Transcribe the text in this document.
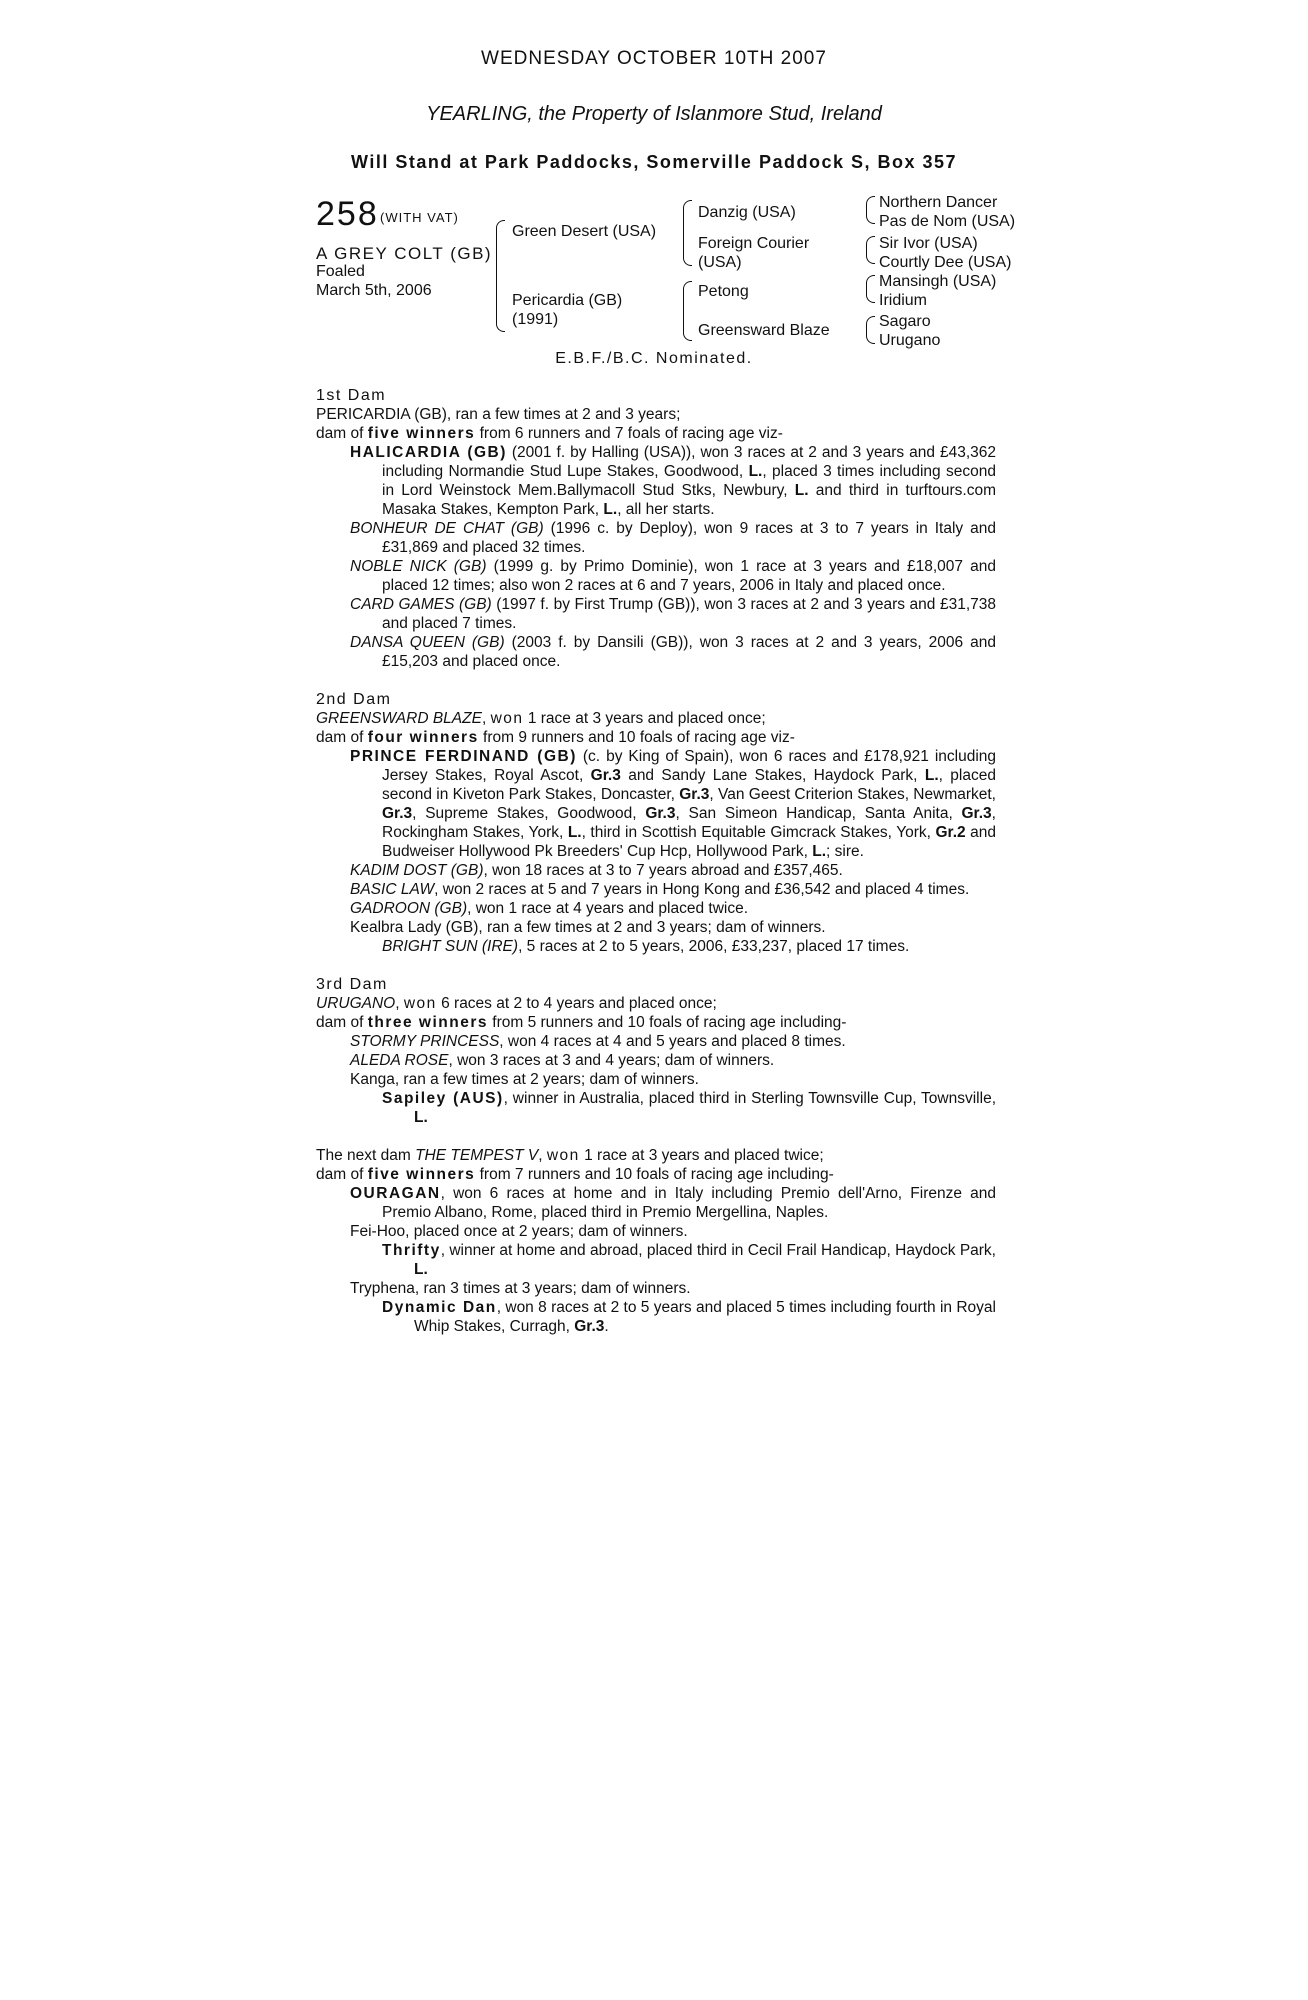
WEDNESDAY OCTOBER 10TH 2007
YEARLING, the Property of Islanmore Stud, Ireland
Will Stand at Park Paddocks, Somerville Paddock S, Box 357
258 (WITH VAT)
A GREY COLT (GB)
Foaled
March 5th, 2006
Green Desert (USA)
Pericardia (GB)
(1991)
Danzig (USA)
Foreign Courier
(USA)
Petong
Greensward Blaze
Northern Dancer
Pas de Nom (USA)
Sir Ivor (USA)
Courtly Dee (USA)
Mansingh (USA)
Iridium
Sagaro
Urugano
E.B.F./B.C. Nominated.
1st Dam
PERICARDIA (GB), ran a few times at 2 and 3 years;
dam of five winners from 6 runners and 7 foals of racing age viz-
HALICARDIA (GB) (2001 f. by Halling (USA)), won 3 races at 2 and 3 years and £43,362 including Normandie Stud Lupe Stakes, Goodwood, L., placed 3 times including second in Lord Weinstock Mem.Ballymacoll Stud Stks, Newbury, L. and third in turftours.com Masaka Stakes, Kempton Park, L., all her starts.
BONHEUR DE CHAT (GB) (1996 c. by Deploy), won 9 races at 3 to 7 years in Italy and £31,869 and placed 32 times.
NOBLE NICK (GB) (1999 g. by Primo Dominie), won 1 race at 3 years and £18,007 and placed 12 times; also won 2 races at 6 and 7 years, 2006 in Italy and placed once.
CARD GAMES (GB) (1997 f. by First Trump (GB)), won 3 races at 2 and 3 years and £31,738 and placed 7 times.
DANSA QUEEN (GB) (2003 f. by Dansili (GB)), won 3 races at 2 and 3 years, 2006 and £15,203 and placed once.
2nd Dam
GREENSWARD BLAZE, won 1 race at 3 years and placed once;
dam of four winners from 9 runners and 10 foals of racing age viz-
PRINCE FERDINAND (GB) (c. by King of Spain), won 6 races and £178,921 including Jersey Stakes, Royal Ascot, Gr.3 and Sandy Lane Stakes, Haydock Park, L., placed second in Kiveton Park Stakes, Doncaster, Gr.3, Van Geest Criterion Stakes, Newmarket, Gr.3, Supreme Stakes, Goodwood, Gr.3, San Simeon Handicap, Santa Anita, Gr.3, Rockingham Stakes, York, L., third in Scottish Equitable Gimcrack Stakes, York, Gr.2 and Budweiser Hollywood Pk Breeders' Cup Hcp, Hollywood Park, L.; sire.
KADIM DOST (GB), won 18 races at 3 to 7 years abroad and £357,465.
BASIC LAW, won 2 races at 5 and 7 years in Hong Kong and £36,542 and placed 4 times.
GADROON (GB), won 1 race at 4 years and placed twice.
Kealbra Lady (GB), ran a few times at 2 and 3 years; dam of winners.
BRIGHT SUN (IRE), 5 races at 2 to 5 years, 2006, £33,237, placed 17 times.
3rd Dam
URUGANO, won 6 races at 2 to 4 years and placed once;
dam of three winners from 5 runners and 10 foals of racing age including-
STORMY PRINCESS, won 4 races at 4 and 5 years and placed 8 times.
ALEDA ROSE, won 3 races at 3 and 4 years; dam of winners.
Kanga, ran a few times at 2 years; dam of winners.
Sapiley (AUS), winner in Australia, placed third in Sterling Townsville Cup, Townsville, L.
The next dam THE TEMPEST V, won 1 race at 3 years and placed twice;
dam of five winners from 7 runners and 10 foals of racing age including-
OURAGAN, won 6 races at home and in Italy including Premio dell'Arno, Firenze and Premio Albano, Rome, placed third in Premio Mergellina, Naples.
Fei-Hoo, placed once at 2 years; dam of winners.
Thrifty, winner at home and abroad, placed third in Cecil Frail Handicap, Haydock Park, L.
Tryphena, ran 3 times at 3 years; dam of winners.
Dynamic Dan, won 8 races at 2 to 5 years and placed 5 times including fourth in Royal Whip Stakes, Curragh, Gr.3.
